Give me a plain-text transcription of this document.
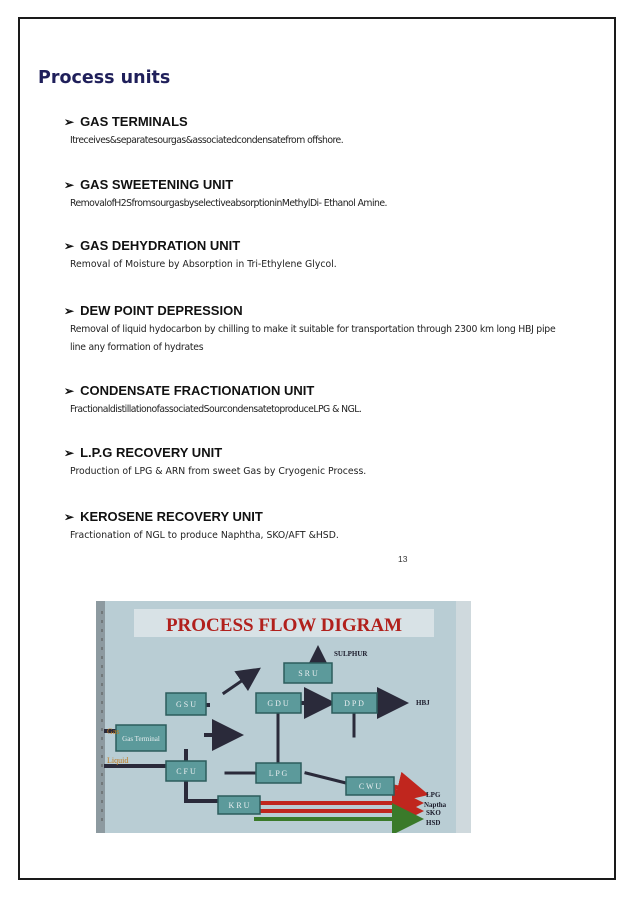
Process units
➢ GAS TERMINALS
Itreceives&separatesourgas&associatedcondensatefrom offshore.
➢ GAS SWEETENING UNIT
RemovalofH2SfromsourgasbyselectiveabsorptioninMethylDi- Ethanol Amine.
➢ GAS DEHYDRATION UNIT
Removal of Moisture by Absorption in Tri-Ethylene Glycol.
➢ DEW POINT DEPRESSION
Removal of liquid hydocarbon by chilling to make it suitable for transportation through 2300 km long HBJ pipe
line any formation of hydrates
➢ CONDENSATE FRACTIONATION UNIT
FractionaldistillationofassociatedSourcondensatetoproduceLPG & NGL.
➢ L.P.G RECOVERY UNIT
Production of LPG & ARN from sweet Gas by Cryogenic Process.
➢ KEROSENE RECOVERY UNIT
Fractionation of NGL to produce Naphtha, SKO/AFT &HSD.
13
PROCESS FLOW DIGRAM
S R U
G S U	G D U	D P D
Gas Terminal
C F U	L P G
C W U
K R U
Gas
Liquid
SULPHUR
HBJ
LPG
Naptha
SKO
HSD
